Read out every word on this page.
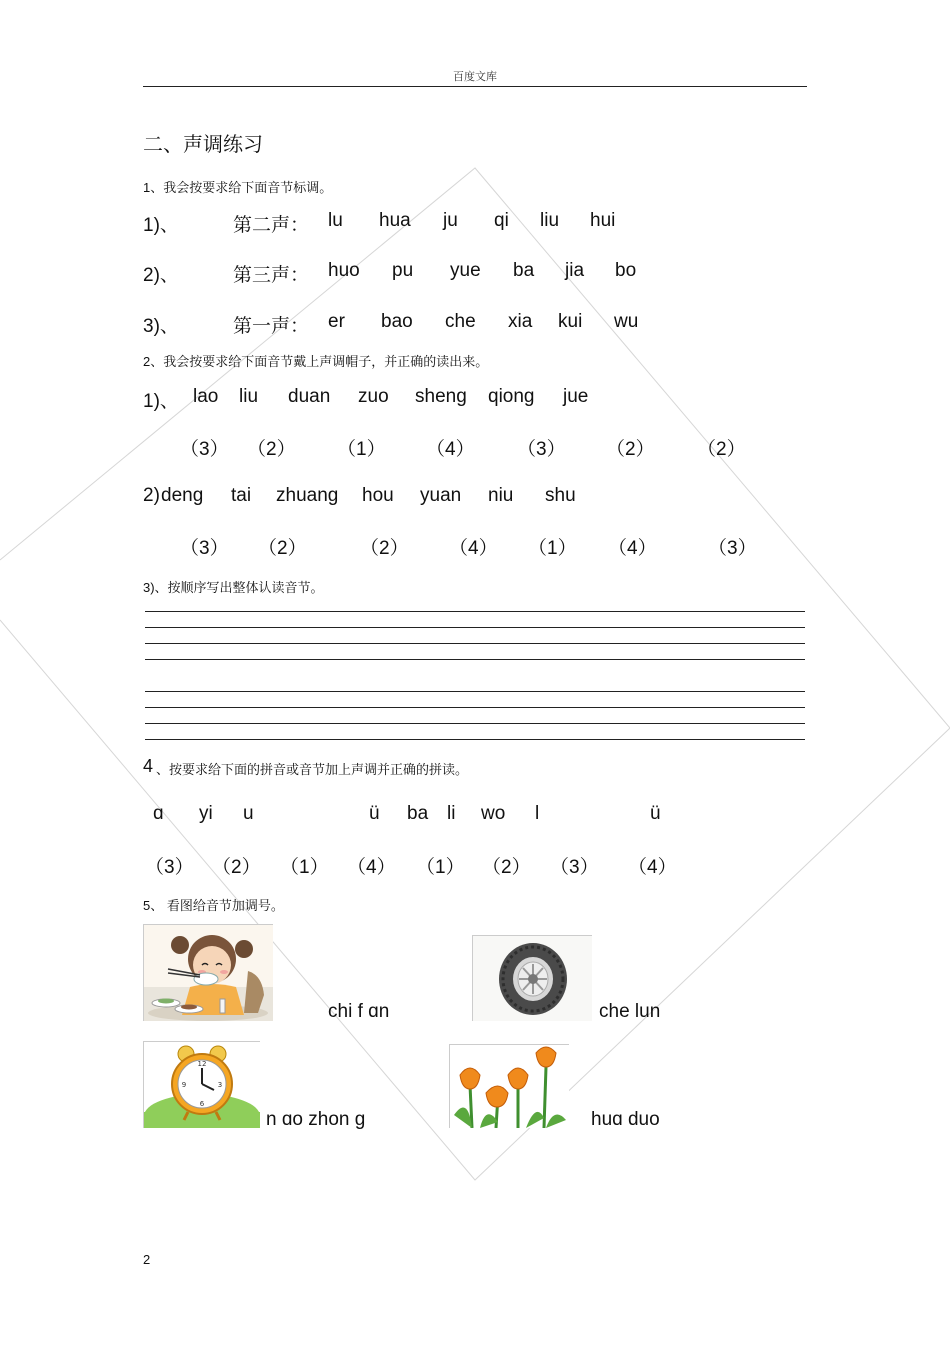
百度文库
二、声调练习
1、我会按要求给下面音节标调。
1)、	第二声： lu hua ju qi liu hui
2)、	第三声： huo pu yue ba jia bo
3)、	第一声： er bao che xia kui wu
2、我会按要求给下面音节戴上声调帽子，并正确的读出来。
1)、 lao liu duan zuo sheng qiong jue
（3） （2） （1） （4） （3） （2） （2）
2) deng tai zhuang hou yuan niu shu
（3） （2）	（2） （4） （1） （4）	（3）
3)、按顺序写出整体认读音节。
4 、按要求给下面的拼音或音节加上声调并正确的拼读。
ɑ yi u	ü ba li wo l	ü
（3） （2） （1） （4） （1） （2） （3） （4）
5、 看图给音节加调号。
chi f ɑn	che lun
12
3
6
9
n ɑo zhon ɡ	huɑ duo
2
